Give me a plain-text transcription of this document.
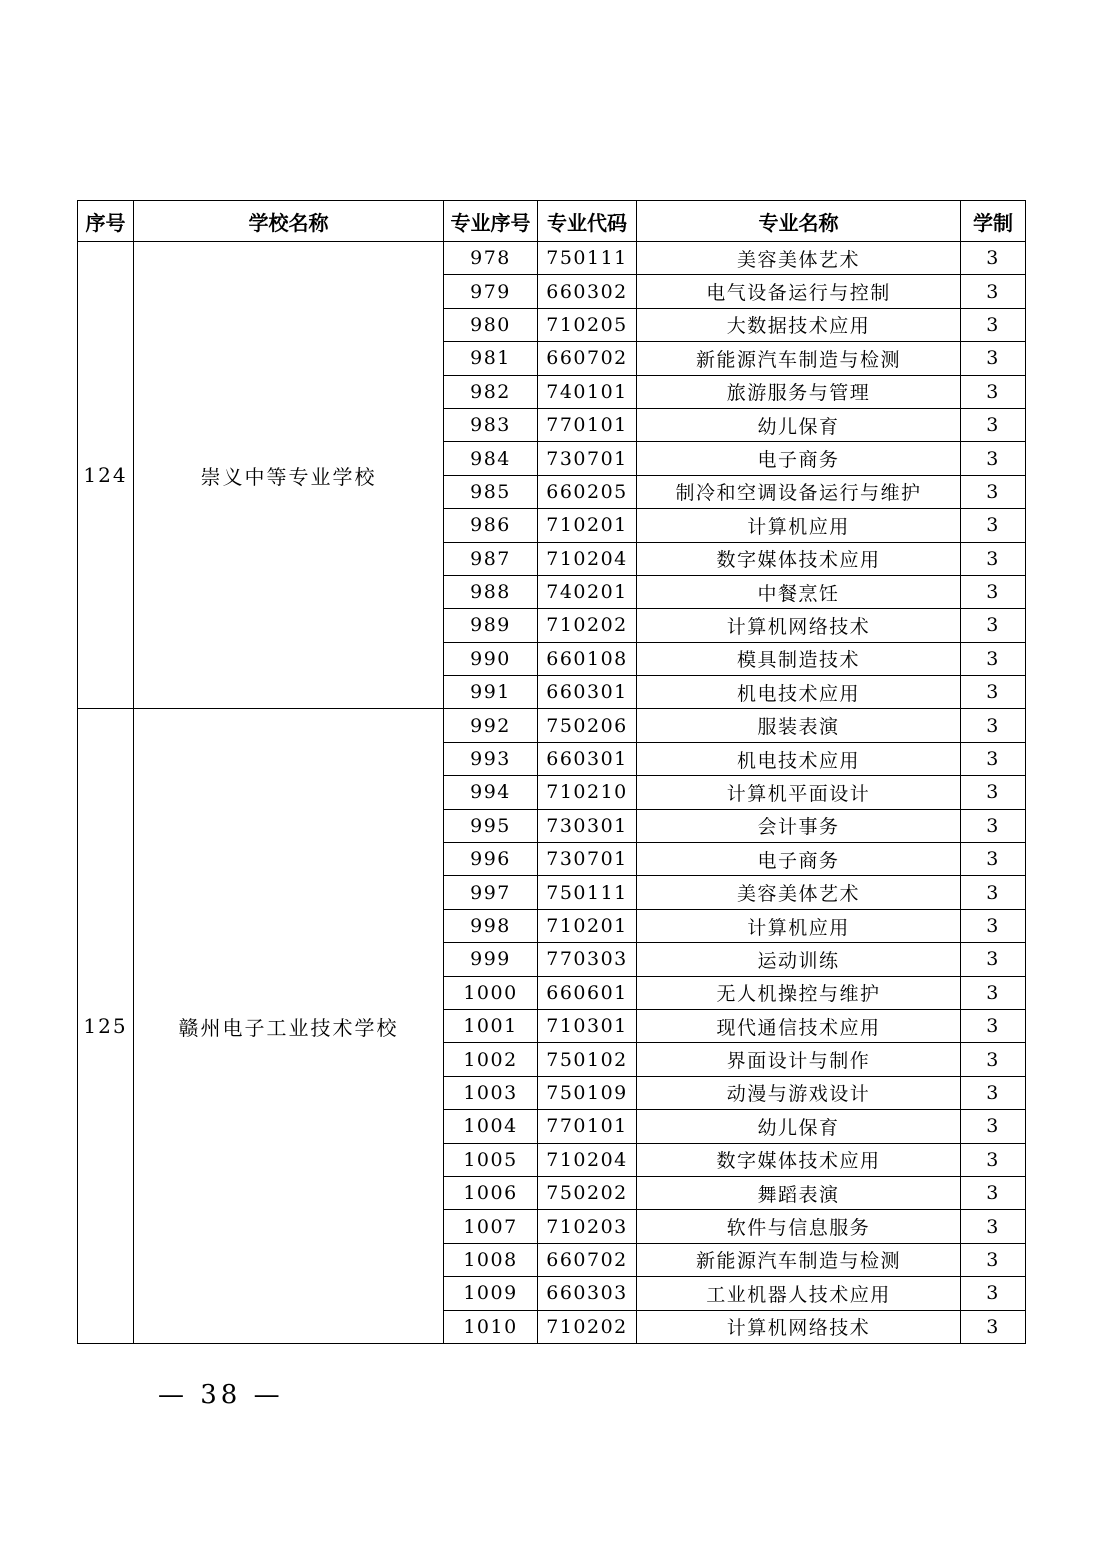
序号	学校名称	专业序号	专业代码	专业名称	学制
124	崇义中等专业学校	978	750111	美容美体艺术	3
		979	660302	电气设备运行与控制	3
		980	710205	大数据技术应用	3
		981	660702	新能源汽车制造与检测	3
		982	740101	旅游服务与管理	3
		983	770101	幼儿保育	3
		984	730701	电子商务	3
		985	660205	制冷和空调设备运行与维护	3
		986	710201	计算机应用	3
		987	710204	数字媒体技术应用	3
		988	740201	中餐烹饪	3
		989	710202	计算机网络技术	3
		990	660108	模具制造技术	3
		991	660301	机电技术应用	3
125	赣州电子工业技术学校	992	750206	服装表演	3
		993	660301	机电技术应用	3
		994	710210	计算机平面设计	3
		995	730301	会计事务	3
		996	730701	电子商务	3
		997	750111	美容美体艺术	3
		998	710201	计算机应用	3
		999	770303	运动训练	3
		1000	660601	无人机操控与维护	3
		1001	710301	现代通信技术应用	3
		1002	750102	界面设计与制作	3
		1003	750109	动漫与游戏设计	3
		1004	770101	幼儿保育	3
		1005	710204	数字媒体技术应用	3
		1006	750202	舞蹈表演	3
		1007	710203	软件与信息服务	3
		1008	660702	新能源汽车制造与检测	3
		1009	660303	工业机器人技术应用	3
		1010	710202	计算机网络技术	3
— 38 —
